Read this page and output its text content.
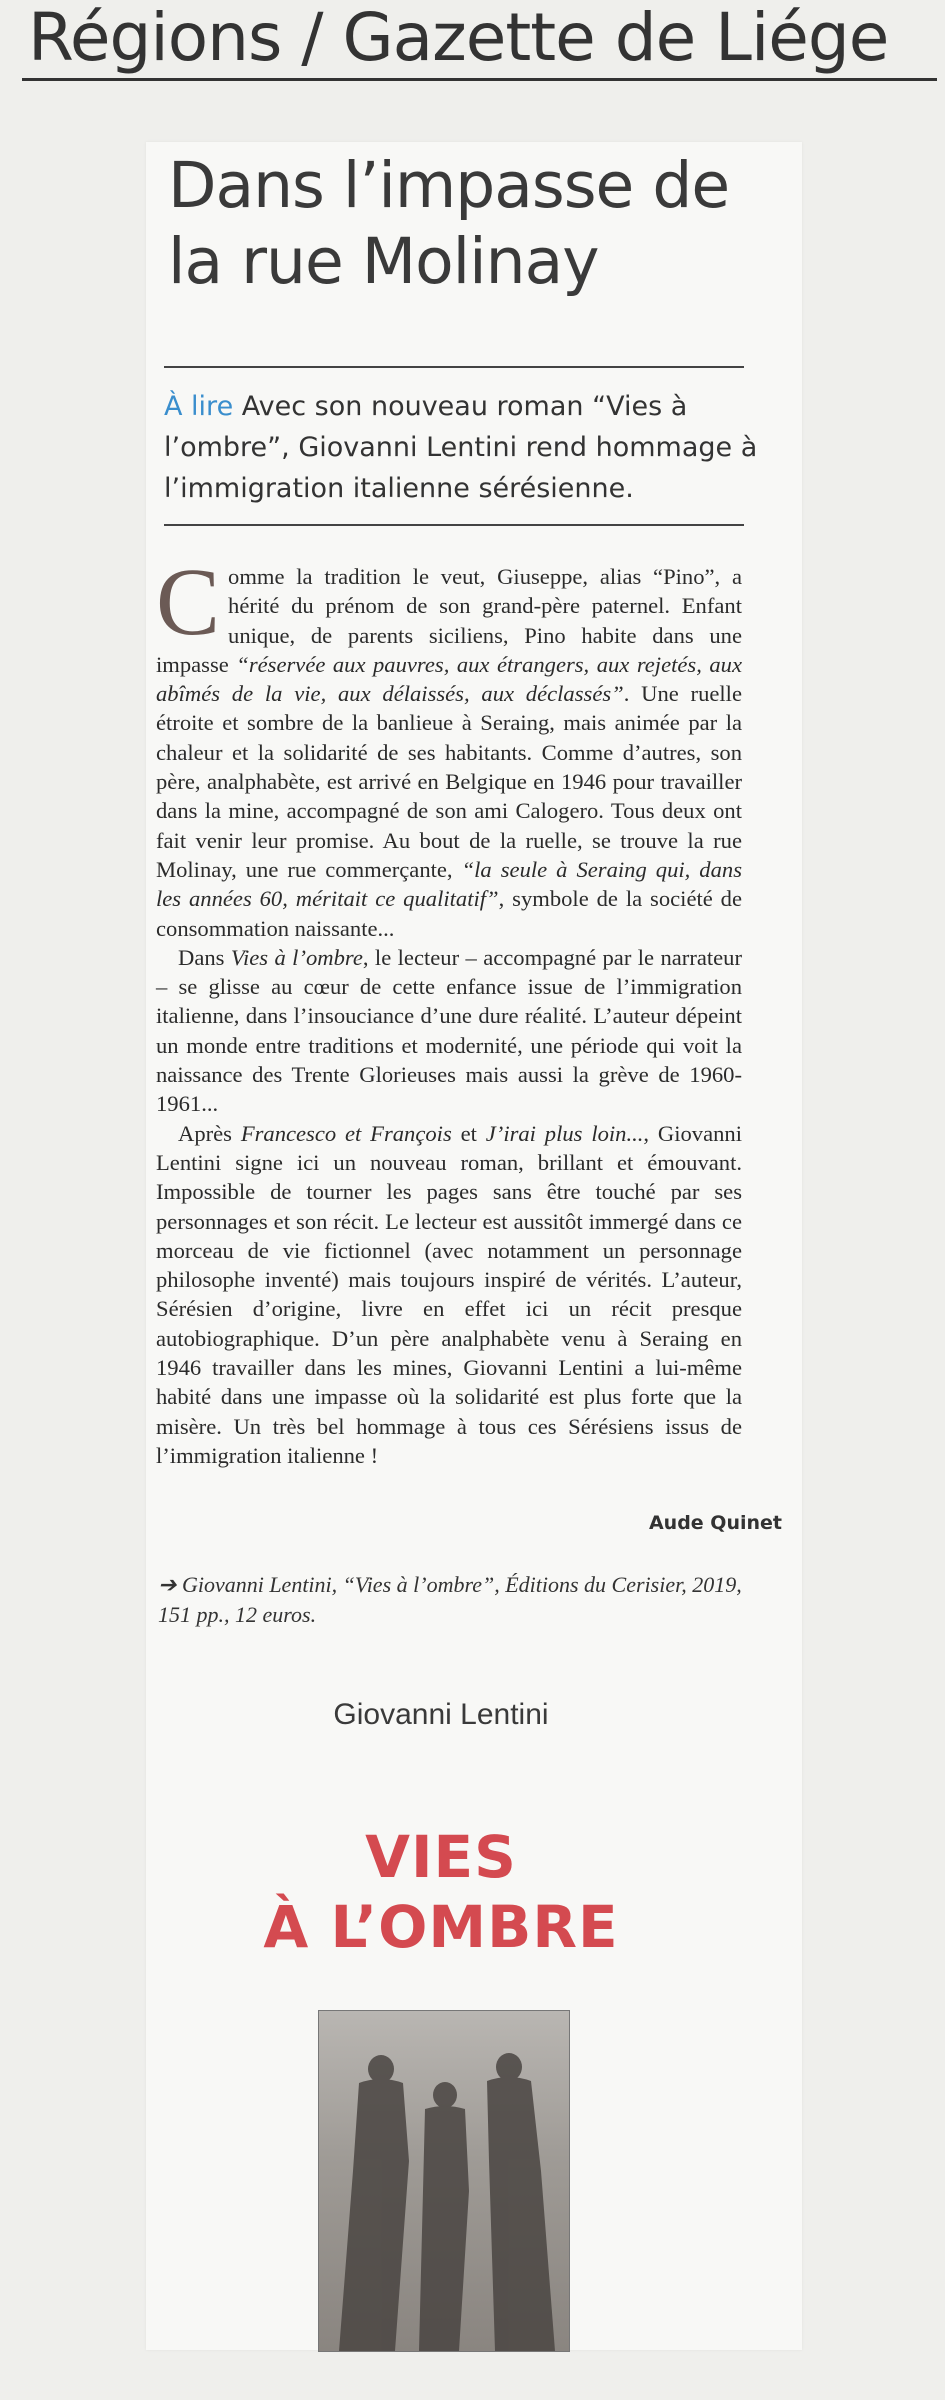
Régions / Gazette de Liége
Dans l’impasse de la rue Molinay
À lire Avec son nouveau roman “Vies à l’ombre”, Giovanni Lentini rend hommage à l’immigration italienne sérésienne.

Comme la tradition le veut, Giuseppe, alias “Pino”, a hérité du prénom de son grand-père paternel. Enfant unique, de parents siciliens, Pino habite dans une impasse “réservée aux pauvres, aux étrangers, aux rejetés, aux abîmés de la vie, aux délaissés, aux déclassés”. Une ruelle étroite et sombre de la banlieue à Seraing, mais animée par la chaleur et la solidarité de ses habitants. Comme d’autres, son père, analphabète, est arrivé en Belgique en 1946 pour travailler dans la mine, accompagné de son ami Calogero. Tous deux ont fait venir leur promise. Au bout de la ruelle, se trouve la rue Molinay, une rue commerçante, “la seule à Seraing qui, dans les années 60, méritait ce qualitatif”, symbole de la société de consommation naissante...

Dans Vies à l’ombre, le lecteur – accompagné par le narrateur – se glisse au cœur de cette enfance issue de l’immigration italienne, dans l’insouciance d’une dure réalité. L’auteur dépeint un monde entre traditions et modernité, une période qui voit la naissance des Trente Glorieuses mais aussi la grève de 1960-1961...

Après Francesco et François et J’irai plus loin..., Giovanni Lentini signe ici un nouveau roman, brillant et émouvant. Impossible de tourner les pages sans être touché par ses personnages et son récit. Le lecteur est aussitôt immergé dans ce morceau de vie fictionnel (avec notamment un personnage philosophe inventé) mais toujours inspiré de vérités. L’auteur, Sérésien d’origine, livre en effet ici un récit presque autobiographique. D’un père analphabète venu à Seraing en 1946 travailler dans les mines, Giovanni Lentini a lui-même habité dans une impasse où la solidarité est plus forte que la misère. Un très bel hommage à tous ces Sérésiens issus de l’immigration italienne !

Aude Quinet
➔ Giovanni Lentini, “Vies à l’ombre”, Éditions du Cerisier, 2019, 151 pp., 12 euros.
Giovanni Lentini
VIES
À L’OMBRE
